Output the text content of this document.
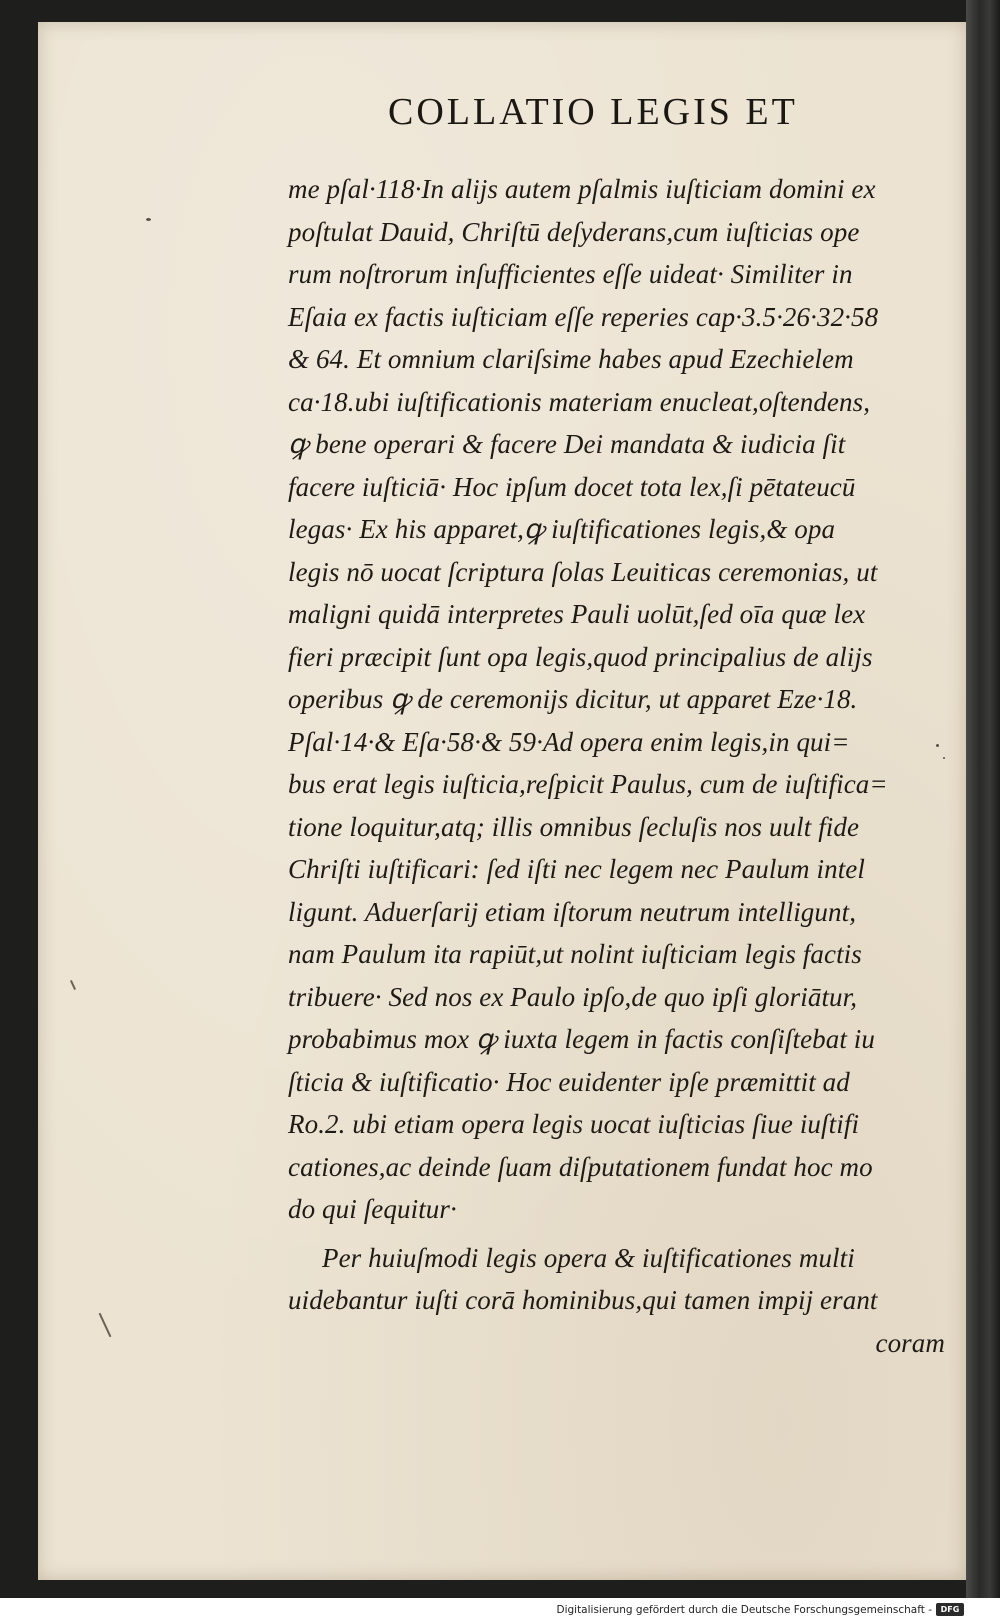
COLLATIO LEGIS ET
me pſal·118·In alijs autem pſalmis iuſticiam domini ex
poſtulat Dauid, Chriſtū deſyderans,cum iuſticias ope
rum noſtrorum inſufficientes eſſe uideat· Similiter in
Eſaia ex factis iuſticiam eſſe reperies cap·3.5·26·32·58
& 64. Et omnium clariſsime habes apud Ezechielem
ca·18.ubi iuſtificationis materiam enucleat,oſtendens,
ꝙ bene operari & facere Dei mandata & iudicia ſit
facere iuſticiā· Hoc ipſum docet tota lex,ſi pētateucū
legas· Ex his apparet,ꝙ iuſtificationes legis,& opa
legis nō uocat ſcriptura ſolas Leuiticas ceremonias, ut
maligni quidā interpretes Pauli uolūt,ſed oīa quæ lex
fieri præcipit ſunt opa legis,quod principalius de alijs
operibus ꝙ de ceremonijs dicitur, ut apparet Eze·18.
Pſal·14·& Eſa·58·& 59·Ad opera enim legis,in qui=
bus erat legis iuſticia,reſpicit Paulus, cum de iuſtifica=
tione loquitur,atq; illis omnibus ſecluſis nos uult fide
Chriſti iuſtificari: ſed iſti nec legem nec Paulum intel
ligunt. Aduerſarij etiam iſtorum neutrum intelligunt,
nam Paulum ita rapiūt,ut nolint iuſticiam legis factis
tribuere· Sed nos ex Paulo ipſo,de quo ipſi gloriātur,
probabimus mox ꝙ iuxta legem in factis conſiſtebat iu
ſticia & iuſtificatio· Hoc euidenter ipſe præmittit ad
Ro.2. ubi etiam opera legis uocat iuſticias ſiue iuſtifi
cationes,ac deinde ſuam diſputationem fundat hoc mo
do qui ſequitur·
Per huiuſmodi legis opera & iuſtificationes multi
uidebantur iuſti corā hominibus,qui tamen impij erant
coram
Digitalisierung gefördert durch die Deutsche Forschungsgemeinschaft -	DFG
